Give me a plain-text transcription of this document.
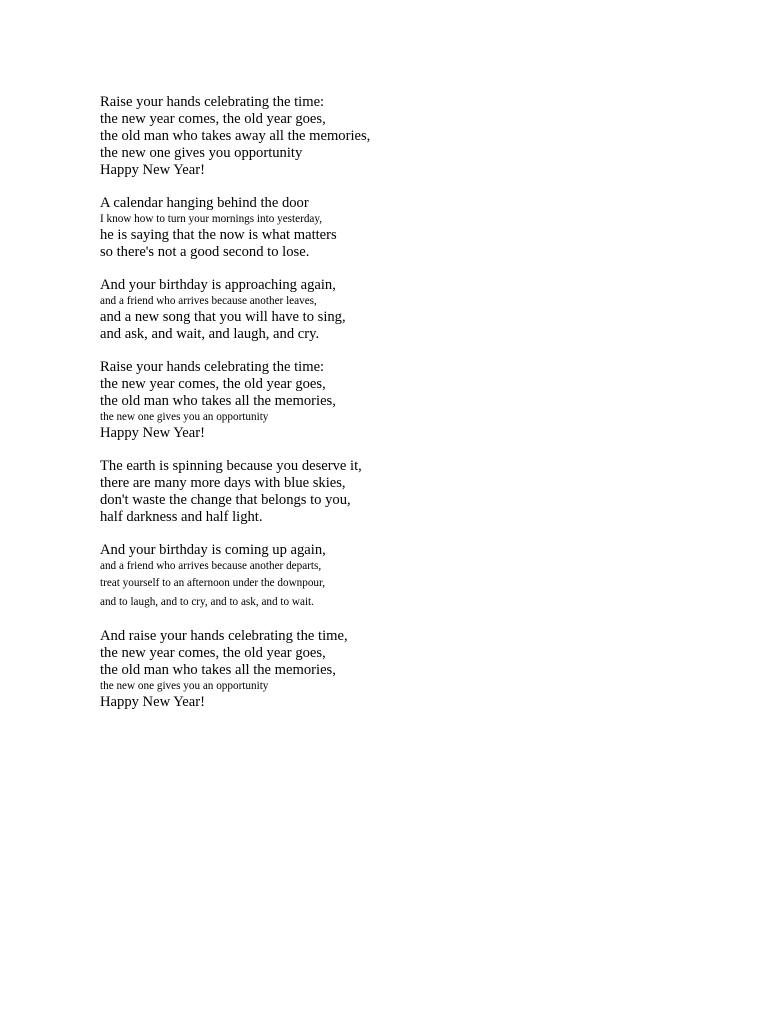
Raise your hands celebrating the time:
the new year comes, the old year goes,
the old man who takes away all the memories,
the new one gives you opportunity
Happy New Year!
A calendar hanging behind the door
I know how to turn your mornings into yesterday,
he is saying that the now is what matters
so there's not a good second to lose.
And your birthday is approaching again,
and a friend who arrives because another leaves,
and a new song that you will have to sing,
and ask, and wait, and laugh, and cry.
Raise your hands celebrating the time:
the new year comes, the old year goes,
the old man who takes all the memories,
the new one gives you an opportunity
Happy New Year!
The earth is spinning because you deserve it,
there are many more days with blue skies,
don't waste the change that belongs to you,
half darkness and half light.
And your birthday is coming up again,
and a friend who arrives because another departs,
treat yourself to an afternoon under the downpour,
and to laugh, and to cry, and to ask, and to wait.
And raise your hands celebrating the time,
the new year comes, the old year goes,
the old man who takes all the memories,
the new one gives you an opportunity
Happy New Year!
